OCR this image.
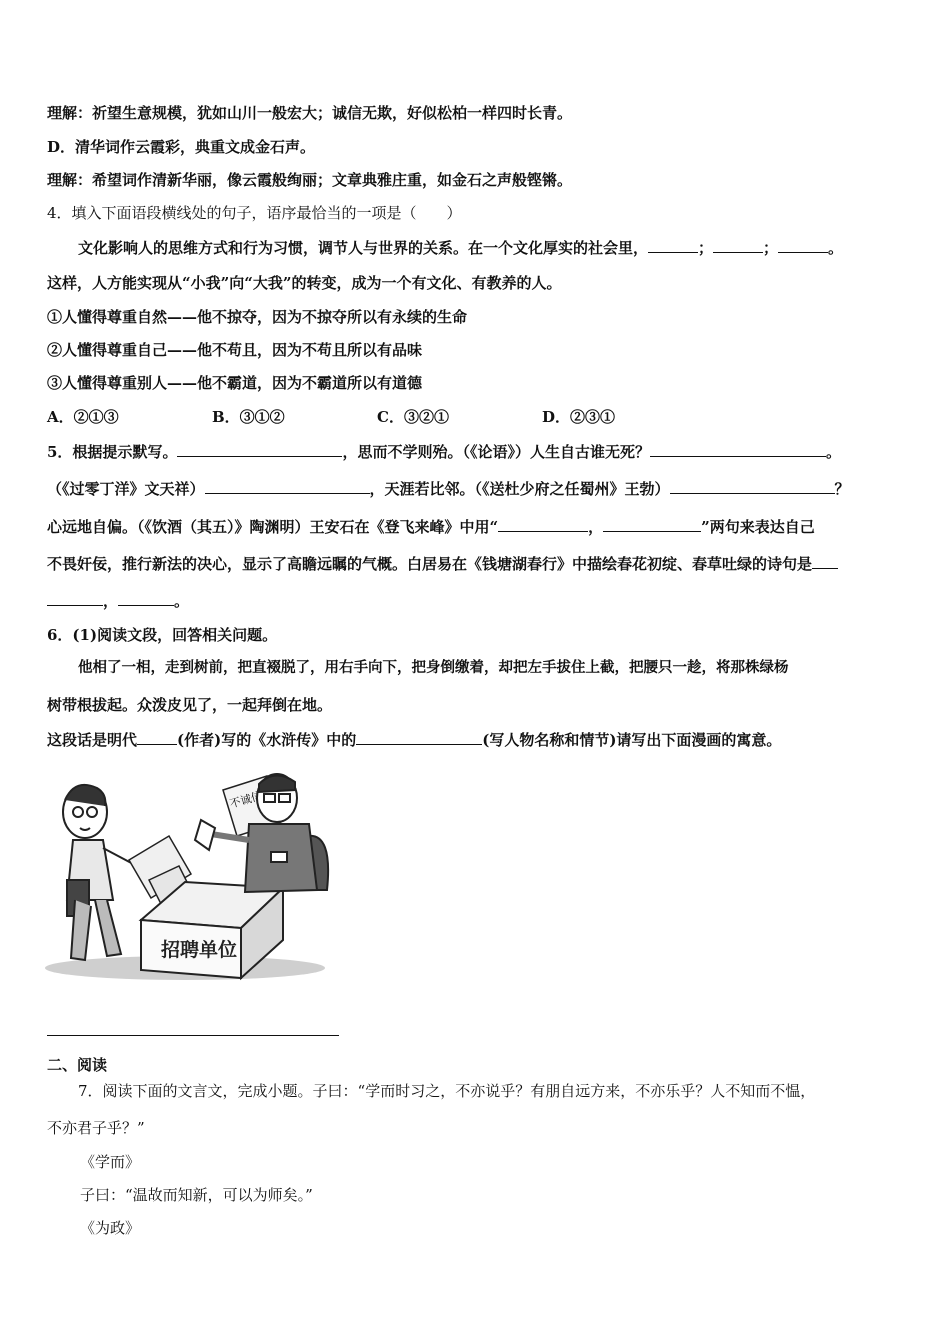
理解：祈望生意规模，犹如山川一般宏大；诚信无欺，好似松柏一样四时长青。
D．清华词作云霞彩，典重文成金石声。
理解：希望词作清新华丽，像云霞般绚丽；文章典雅庄重，如金石之声般铿锵。
4．填入下面语段横线处的句子，语序最恰当的一项是（　　）
文化影响人的思维方式和行为习惯，调节人与世界的关系。在一个文化厚实的社会里，	；	；	。
这样，人方能实现从“小我”向“大我”的转变，成为一个有文化、有教养的人。
①人懂得尊重自然——他不掠夺，因为不掠夺所以有永续的生命
②人懂得尊重自己——他不苟且，因为不苟且所以有品味
③人懂得尊重别人——他不霸道，因为不霸道所以有道德
A．②①③	B．③①②	C．③②①	D．②③①
5．根据提示默写。	，思而不学则殆。（《论语》）人生自古谁无死？	。
（《过零丁洋》文天祥）	，天涯若比邻。（《送杜少府之任蜀州》王勃）	？
心远地自偏。（《饮酒（其五）》陶渊明）王安石在《登飞来峰》中用“	，	”两句来表达自己
不畏奸佞，推行新法的决心，显示了高瞻远瞩的气概。白居易在《钱塘湖春行》中描绘春花初绽、春草吐绿的诗句是
，	。
6．(1)阅读文段，回答相关问题。
他相了一相，走到树前，把直裰脱了，用右手向下，把身倒缴着，却把左手拔住上截，把腰只一趁，将那株绿杨
树带根拔起。众泼皮见了，一起拜倒在地。
这段话是明代	(作者)写的《水浒传》中的	(写人物名称和情节)请写出下面漫画的寓意。
招聘单位
二、阅读
7．阅读下面的文言文，完成小题。子曰：“学而时习之，不亦说乎？有朋自远方来，不亦乐乎？人不知而不愠，
不亦君子乎？”
《学而》
子曰：“温故而知新，可以为师矣。”
《为政》
